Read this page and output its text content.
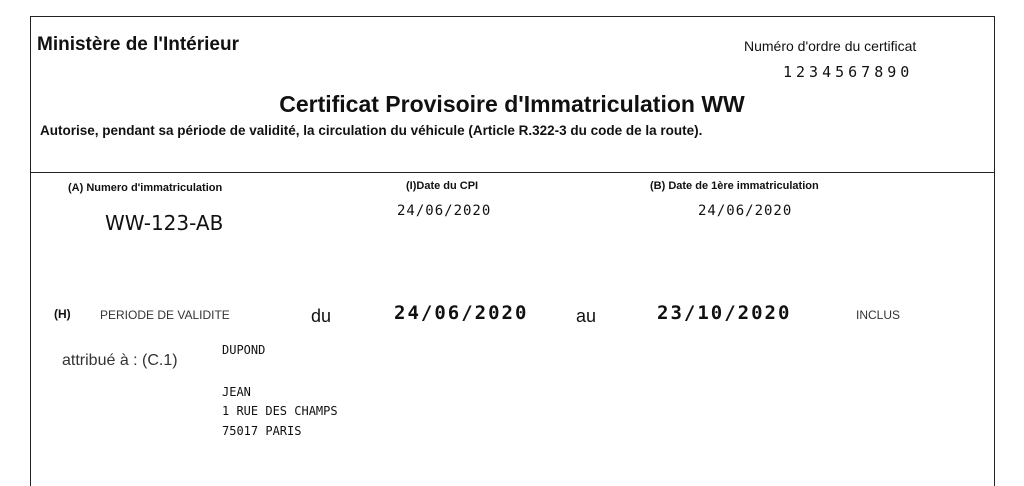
Ministère de l'Intérieur	Numéro d'ordre du certificat
1234567890
Certificat Provisoire d'Immatriculation WW
Autorise, pendant sa période de validité, la circulation du véhicule (Article R.322-3 du code de la route).
(A) Numero d'immatriculation
WW-123-AB
(I)Date du CPI
24/06/2020
(B) Date de 1ère immatriculation
24/06/2020
(H) PERIODE DE VALIDITE	du	24/06/2020	au	23/10/2020	INCLUS
attribué à : (C.1)
DUPOND
JEAN
1 RUE DES CHAMPS
75017 PARIS
